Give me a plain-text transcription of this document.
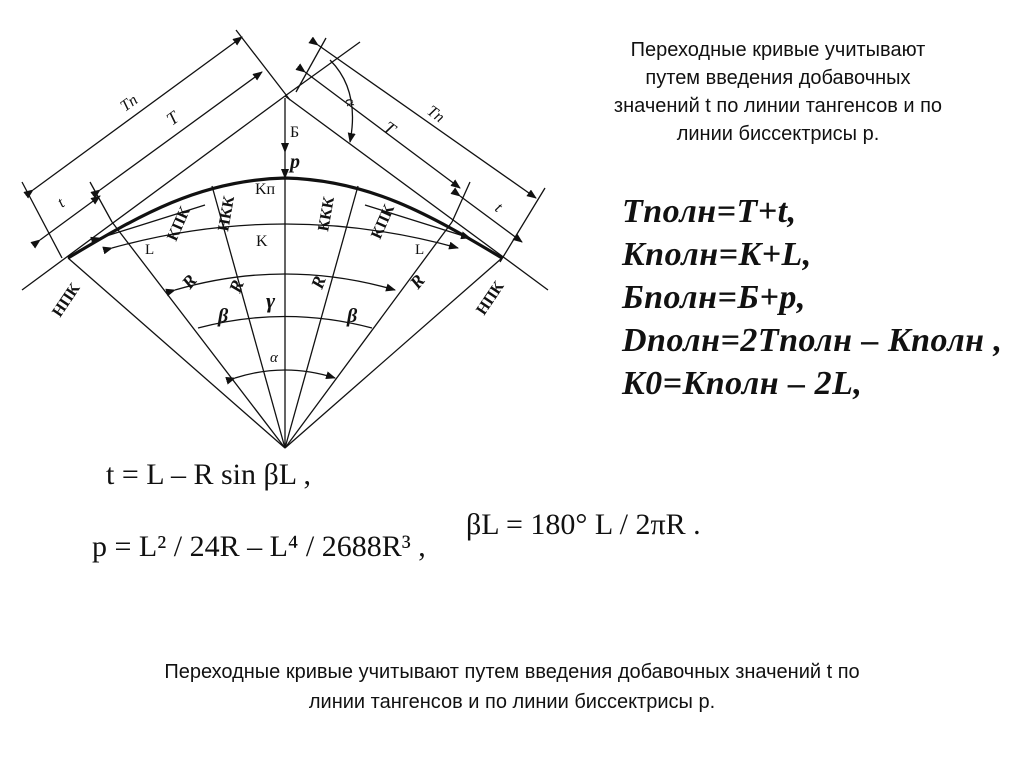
Tп
T
t
Tп
T
t
α
Б
p
Kп
K
L	L
НПК
КПК НКК	ККК КПК
НПК
R R	R	R
β	β
γ
α
Переходные кривые учитывают
путем введения добавочных
значений t по линии тангенсов и по
линии биссектрисы p.
Tполн=T+t,
Kполн=K+L,
Бполн=Б+p,
Dполн=2Tполн – Kполн ,
K0=Kполн – 2L,
t = L – R sin βL ,
p = L² / 24R – L⁴ / 2688R³ ,
βL = 180° L / 2πR .
Переходные кривые учитывают путем введения добавочных значений t по
линии тангенсов и по линии биссектрисы p.
